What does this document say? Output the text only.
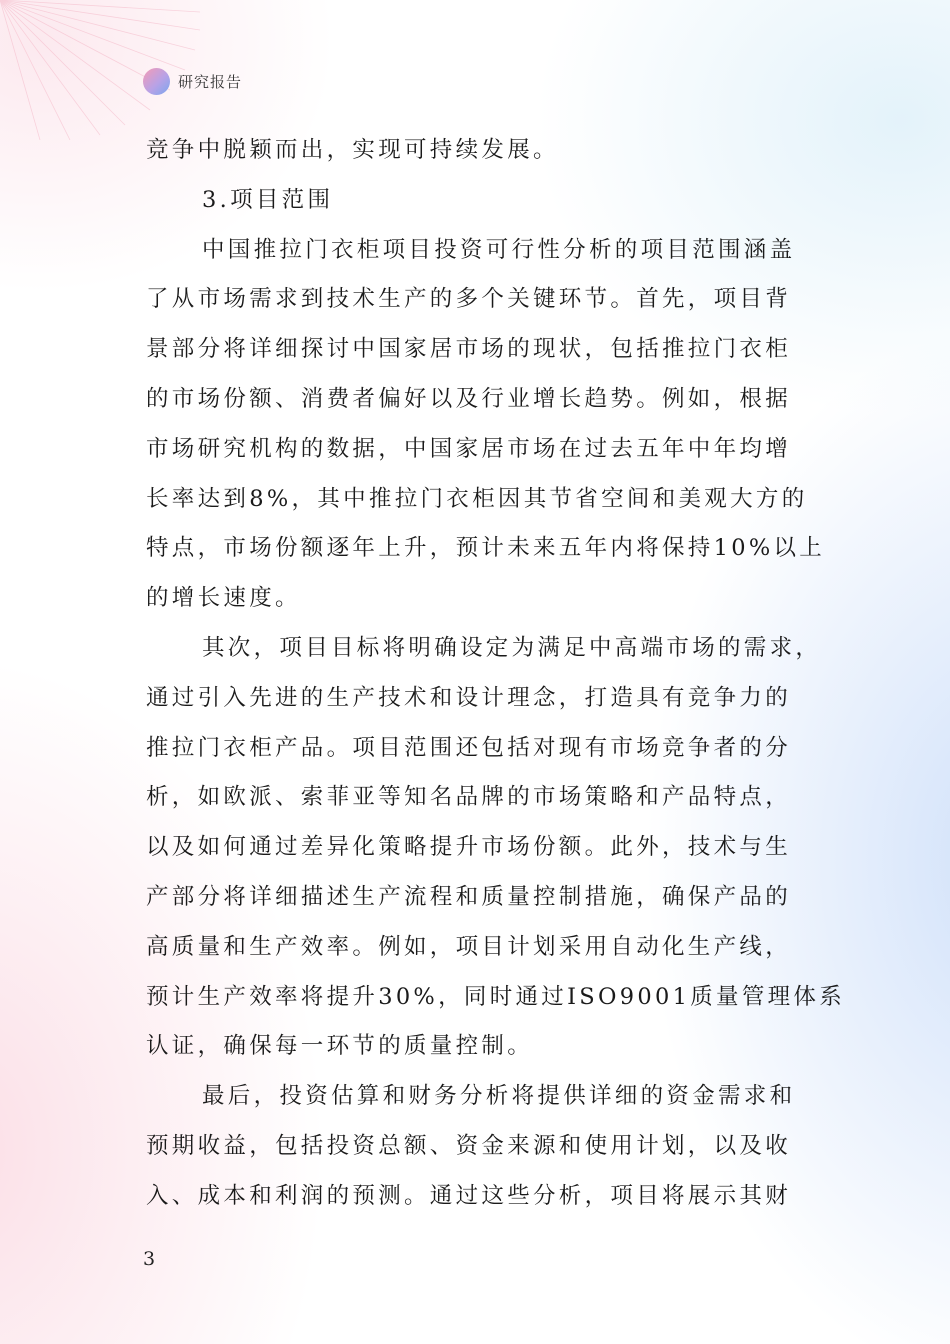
研究报告
竞争中脱颖而出，实现可持续发展。
3.项目范围
中国推拉门衣柜项目投资可行性分析的项目范围涵盖
了从市场需求到技术生产的多个关键环节。首先，项目背
景部分将详细探讨中国家居市场的现状，包括推拉门衣柜
的市场份额、消费者偏好以及行业增长趋势。例如，根据
市场研究机构的数据，中国家居市场在过去五年中年均增
长率达到8%，其中推拉门衣柜因其节省空间和美观大方的
特点，市场份额逐年上升，预计未来五年内将保持10%以上
的增长速度。
其次，项目目标将明确设定为满足中高端市场的需求，
通过引入先进的生产技术和设计理念，打造具有竞争力的
推拉门衣柜产品。项目范围还包括对现有市场竞争者的分
析，如欧派、索菲亚等知名品牌的市场策略和产品特点，
以及如何通过差异化策略提升市场份额。此外，技术与生
产部分将详细描述生产流程和质量控制措施，确保产品的
高质量和生产效率。例如，项目计划采用自动化生产线，
预计生产效率将提升30%，同时通过ISO9001质量管理体系
认证，确保每一环节的质量控制。
最后，投资估算和财务分析将提供详细的资金需求和
预期收益，包括投资总额、资金来源和使用计划，以及收
入、成本和利润的预测。通过这些分析，项目将展示其财
3
